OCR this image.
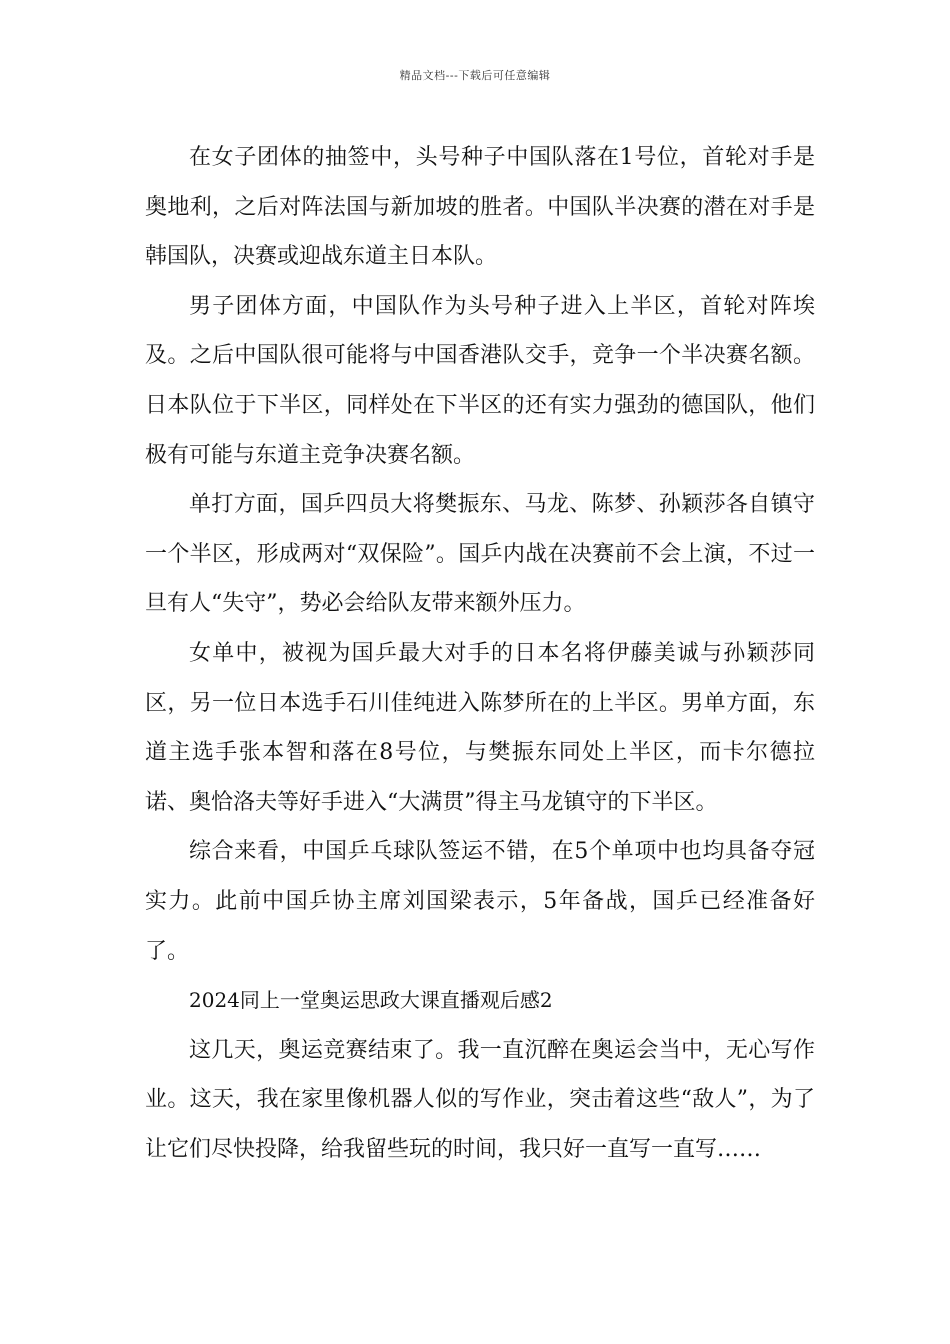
精品文档---下载后可任意编辑

在女子团体的抽签中，头号种子中国队落在1号位，首轮对手是奥地利，之后对阵法国与新加坡的胜者。中国队半决赛的潜在对手是韩国队，决赛或迎战东道主日本队。

男子团体方面，中国队作为头号种子进入上半区，首轮对阵埃及。之后中国队很可能将与中国香港队交手，竞争一个半决赛名额。日本队位于下半区，同样处在下半区的还有实力强劲的德国队，他们极有可能与东道主竞争决赛名额。

单打方面，国乒四员大将樊振东、马龙、陈梦、孙颖莎各自镇守一个半区，形成两对“双保险”。国乒内战在决赛前不会上演，不过一旦有人“失守”，势必会给队友带来额外压力。

女单中，被视为国乒最大对手的日本名将伊藤美诚与孙颖莎同区，另一位日本选手石川佳纯进入陈梦所在的上半区。男单方面，东道主选手张本智和落在8号位，与樊振东同处上半区，而卡尔德拉诺、奥恰洛夫等好手进入“大满贯”得主马龙镇守的下半区。

综合来看，中国乒乓球队签运不错，在5个单项中也均具备夺冠实力。此前中国乒协主席刘国梁表示，5年备战，国乒已经准备好了。

2024同上一堂奥运思政大课直播观后感2

这几天，奥运竞赛结束了。我一直沉醉在奥运会当中，无心写作业。这天，我在家里像机器人似的写作业，突击着这些“敌人”，为了让它们尽快投降，给我留些玩的时间，我只好一直写一直写……
